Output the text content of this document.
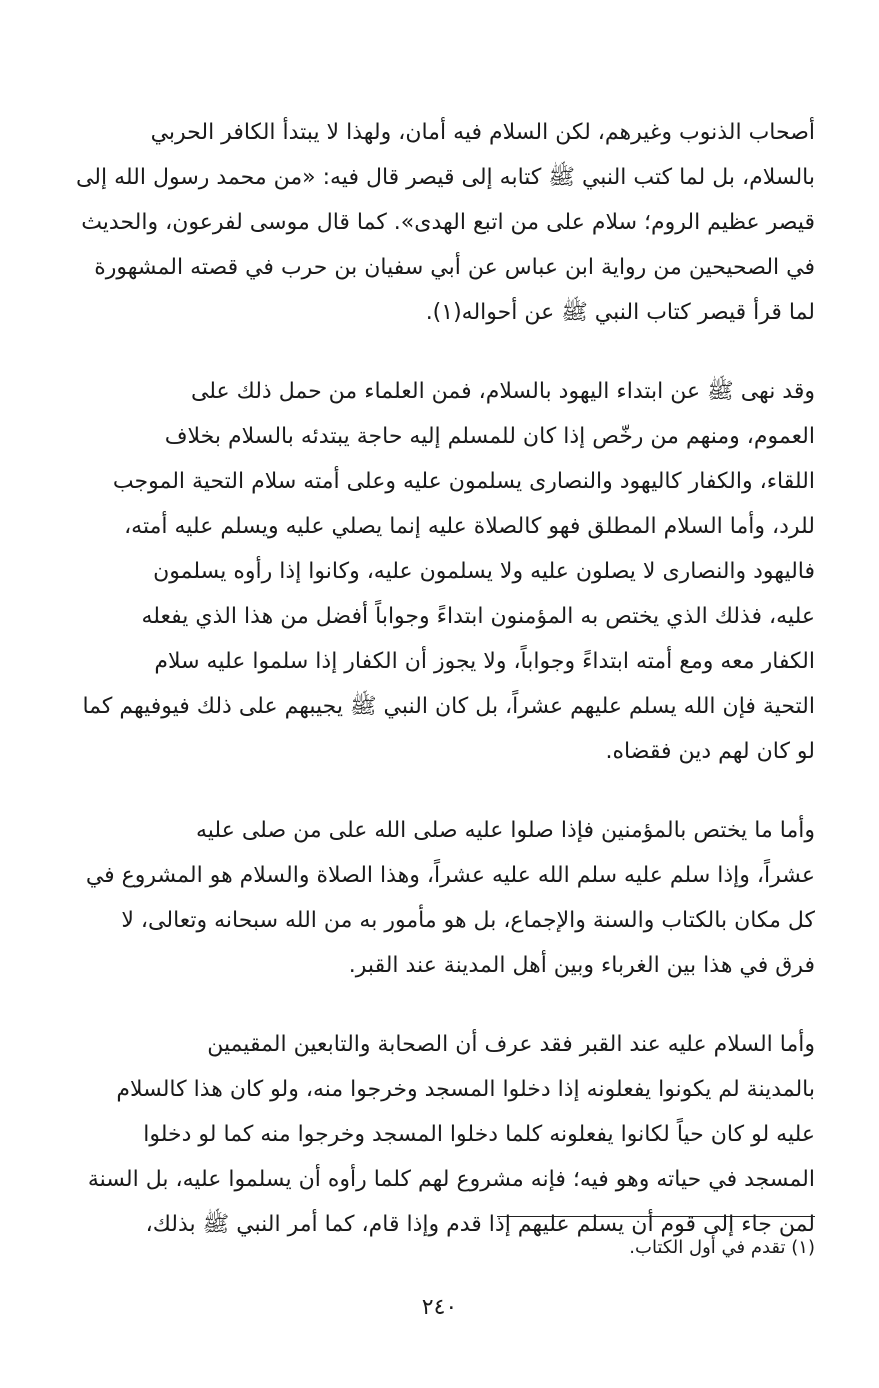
أصحاب الذنوب وغيرهم، لكن السلام فيه أمان، ولهذا لا يبتدأ الكافر الحربي
بالسلام، بل لما كتب النبي ﷺ كتابه إلى قيصر قال فيه: «من محمد رسول الله إلى
قيصر عظيم الروم؛ سلام على من اتبع الهدى». كما قال موسى لفرعون، والحديث
في الصحيحين من رواية ابن عباس عن أبي سفيان بن حرب في قصته المشهورة
لما قرأ قيصر كتاب النبي ﷺ عن أحواله(١).
وقد نهى ﷺ عن ابتداء اليهود بالسلام، فمن العلماء من حمل ذلك على
العموم، ومنهم من رخّص إذا كان للمسلم إليه حاجة يبتدئه بالسلام بخلاف
اللقاء، والكفار كاليهود والنصارى يسلمون عليه وعلى أمته سلام التحية الموجب
للرد، وأما السلام المطلق فهو كالصلاة عليه إنما يصلي عليه ويسلم عليه أمته،
فاليهود والنصارى لا يصلون عليه ولا يسلمون عليه، وكانوا إذا رأوه يسلمون
عليه، فذلك الذي يختص به المؤمنون ابتداءً وجواباً أفضل من هذا الذي يفعله
الكفار معه ومع أمته ابتداءً وجواباً، ولا يجوز أن الكفار إذا سلموا عليه سلام
التحية فإن الله يسلم عليهم عشراً، بل كان النبي ﷺ يجيبهم على ذلك فيوفيهم كما
لو كان لهم دين فقضاه.
وأما ما يختص بالمؤمنين فإذا صلوا عليه صلى الله على من صلى عليه
عشراً، وإذا سلم عليه سلم الله عليه عشراً، وهذا الصلاة والسلام هو المشروع في
كل مكان بالكتاب والسنة والإجماع، بل هو مأمور به من الله سبحانه وتعالى، لا
فرق في هذا بين الغرباء وبين أهل المدينة عند القبر.
وأما السلام عليه عند القبر فقد عرف أن الصحابة والتابعين المقيمين
بالمدينة لم يكونوا يفعلونه إذا دخلوا المسجد وخرجوا منه، ولو كان هذا كالسلام
عليه لو كان حياً لكانوا يفعلونه كلما دخلوا المسجد وخرجوا منه كما لو دخلوا
المسجد في حياته وهو فيه؛ فإنه مشروع لهم كلما رأوه أن يسلموا عليه، بل السنة
لمن جاء إلى قوم أن يسلم عليهم إذا قدم وإذا قام، كما أمر النبي ﷺ بذلك،
(١) تقدم في أول الكتاب.
٢٤٠
